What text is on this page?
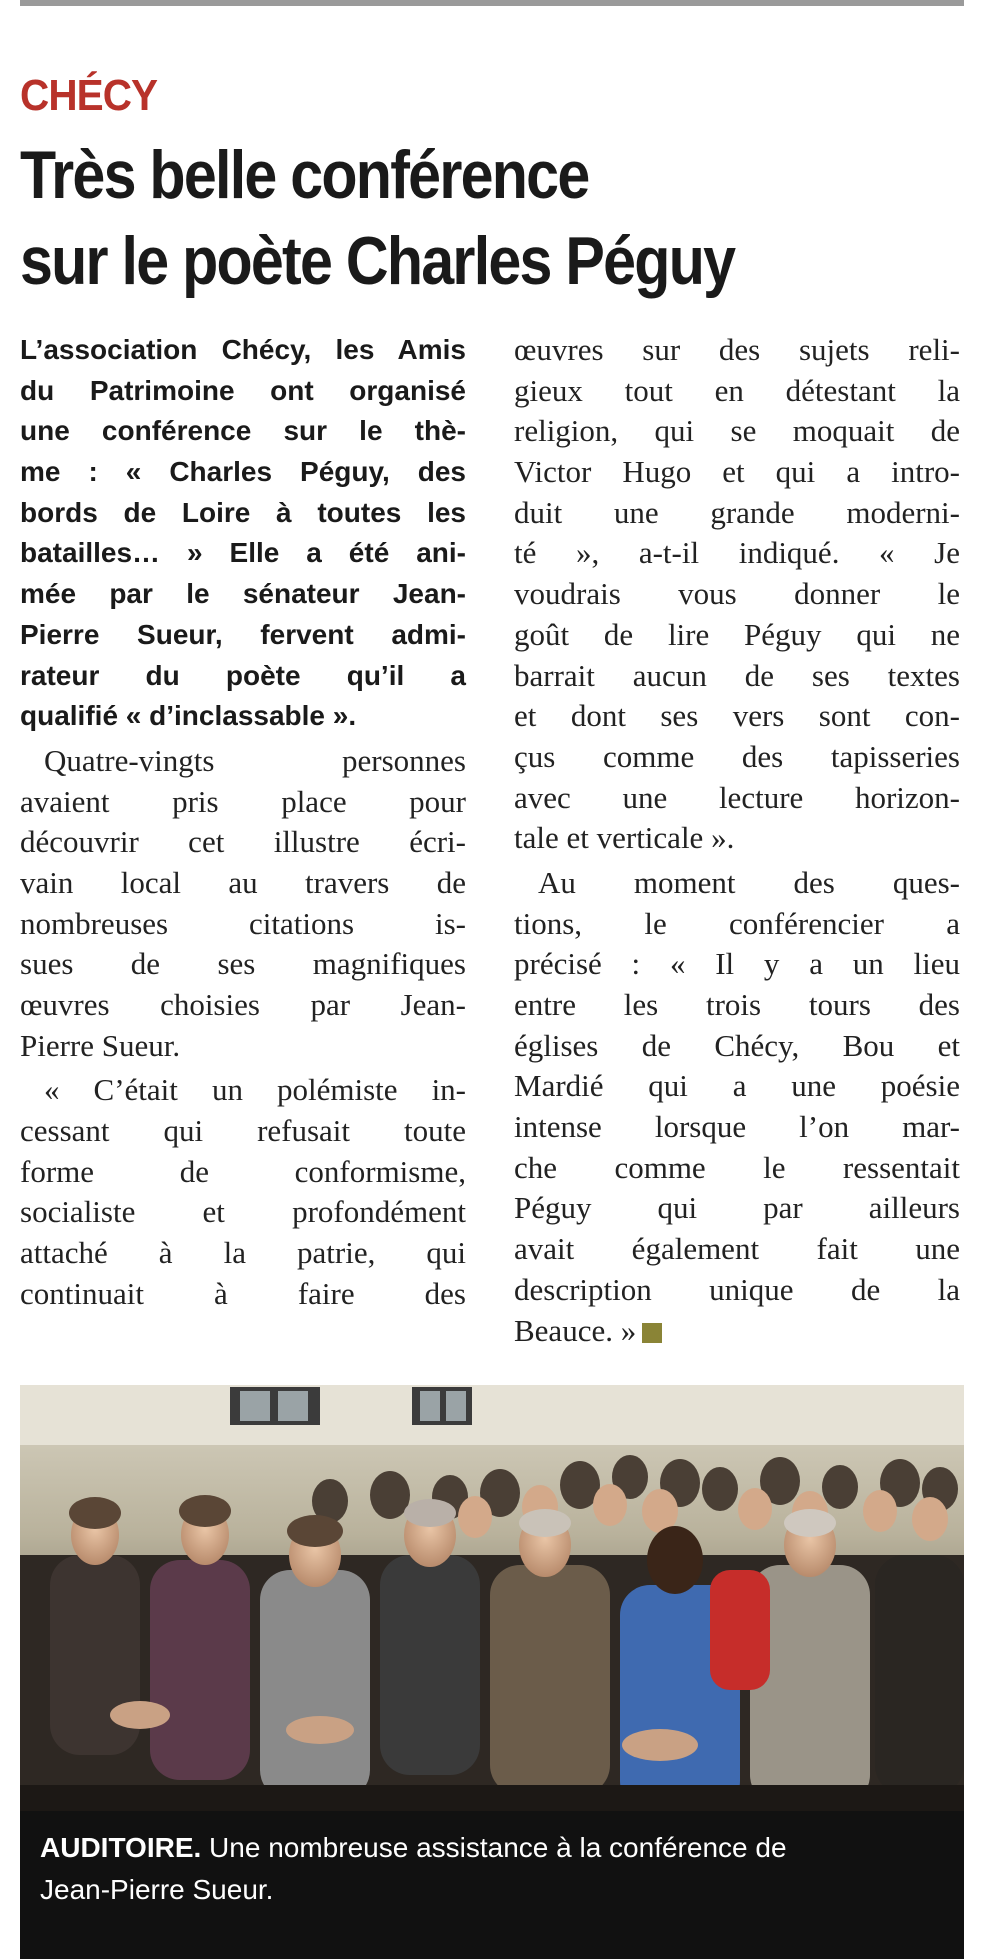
CHÉCY
Très belle conférence
sur le poète Charles Péguy
L’association Chécy, les Amis
du Patrimoine ont organisé
une conférence sur le thè-
me : « Charles Péguy, des
bords de Loire à toutes les
batailles… » Elle a été ani-
mée par le sénateur Jean-
Pierre Sueur, fervent admi-
rateur du poète qu’il a
qualifié « d’inclassable ».
Quatre-vingts personnes
avaient pris place pour
découvrir cet illustre écri-
vain local au travers de
nombreuses citations is-
sues de ses magnifiques
œuvres choisies par Jean-
Pierre Sueur.
« C’était un polémiste in-
cessant qui refusait toute
forme de conformisme,
socialiste et profondément
attaché à la patrie, qui
continuait à faire des
œuvres sur des sujets reli-
gieux tout en détestant la
religion, qui se moquait de
Victor Hugo et qui a intro-
duit une grande moderni-
té », a-t-il indiqué. « Je
voudrais vous donner le
goût de lire Péguy qui ne
barrait aucun de ses textes
et dont ses vers sont con-
çus comme des tapisseries
avec une lecture horizon-
tale et verticale ».
Au moment des ques-
tions, le conférencier a
précisé : « Il y a un lieu
entre les trois tours des
églises de Chécy, Bou et
Mardié qui a une poésie
intense lorsque l’on mar-
che comme le ressentait
Péguy qui par ailleurs
avait également fait une
description unique de la
Beauce. »
AUDITOIRE. Une nombreuse assistance à la conférence de
Jean-Pierre Sueur.
